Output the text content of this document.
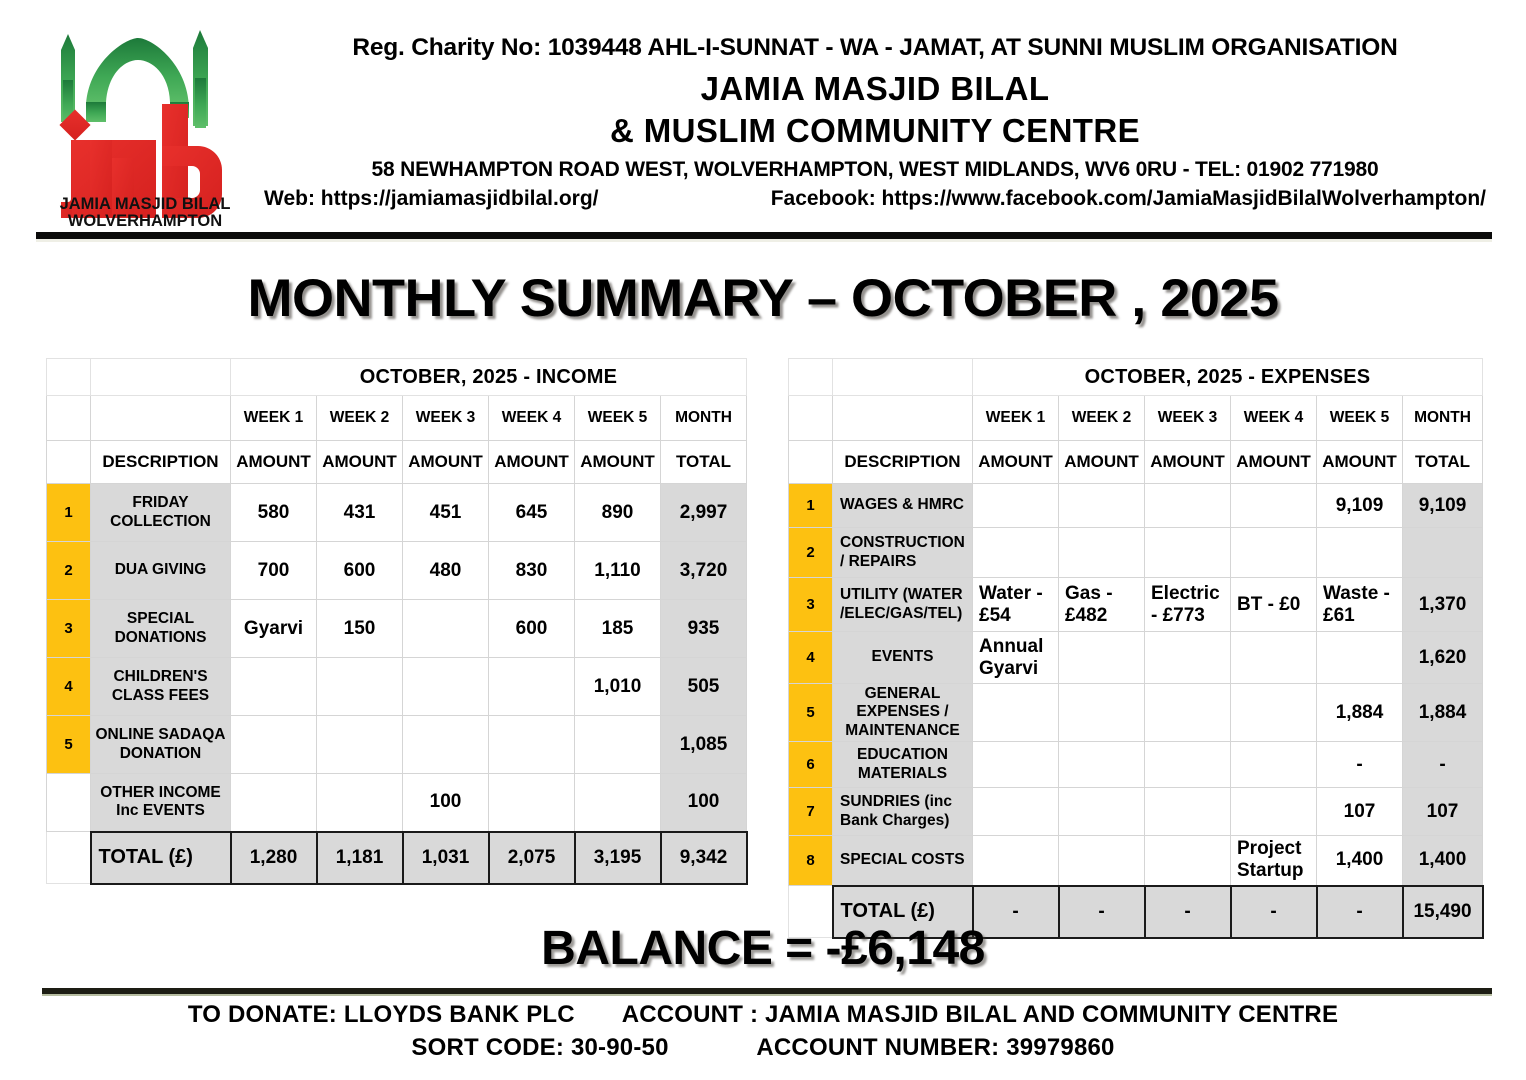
JAMIA MASJID BILAL
WOLVERHAMPTON
Reg. Charity No: 1039448 AHL-I-SUNNAT - WA - JAMAT, AT SUNNI MUSLIM ORGANISATION
JAMIA MASJID BILAL
& MUSLIM COMMUNITY CENTRE
58 NEWHAMPTON ROAD WEST, WOLVERHAMPTON, WEST MIDLANDS, WV6 0RU - TEL: 01902 771980
Web: https://jamiamasjidbilal.org/	Facebook: https://www.facebook.com/JamiaMasjidBilalWolverhampton/
MONTHLY SUMMARY – OCTOBER , 2025
		OCTOBER, 2025 - INCOME					
		WEEK 1	WEEK 2	WEEK 3	WEEK 4	WEEK 5	MONTH
	DESCRIPTION	AMOUNT	AMOUNT	AMOUNT	AMOUNT	AMOUNT	TOTAL
1	FRIDAY COLLECTION	580	431	451	645	890	2,997
2	DUA GIVING	700	600	480	830	1,110	3,720
3	SPECIAL DONATIONS	Gyarvi	150		600	185	935
4	CHILDREN'S CLASS FEES					1,010	505
5	ONLINE SADAQA DONATION						1,085
	OTHER INCOME Inc EVENTS			100			100
	TOTAL (£)	1,280	1,181	1,031	2,075	3,195	9,342
		OCTOBER, 2025 - EXPENSES					
		WEEK 1	WEEK 2	WEEK 3	WEEK 4	WEEK 5	MONTH
	DESCRIPTION	AMOUNT	AMOUNT	AMOUNT	AMOUNT	AMOUNT	TOTAL
1	WAGES & HMRC					9,109	9,109
2	CONSTRUCTION / REPAIRS						
3	UTILITY (WATER /ELEC/GAS/TEL)	Water - £54	Gas - £482	Electric - £773	BT - £0	Waste - £61	1,370
4	EVENTS	Annual Gyarvi					1,620
5	GENERAL EXPENSES / MAINTENANCE					1,884	1,884
6	EDUCATION MATERIALS					-	-
7	SUNDRIES (inc Bank Charges)					107	107
8	SPECIAL COSTS				Project Startup	1,400	1,400
	TOTAL (£)	-	-	-	-	-	15,490
BALANCE = -£6,148
TO DONATE: LLOYDS BANK PLC ACCOUNT : JAMIA MASJID BILAL AND COMMUNITY CENTRE
SORT CODE: 30-90-50	ACCOUNT NUMBER: 39979860
